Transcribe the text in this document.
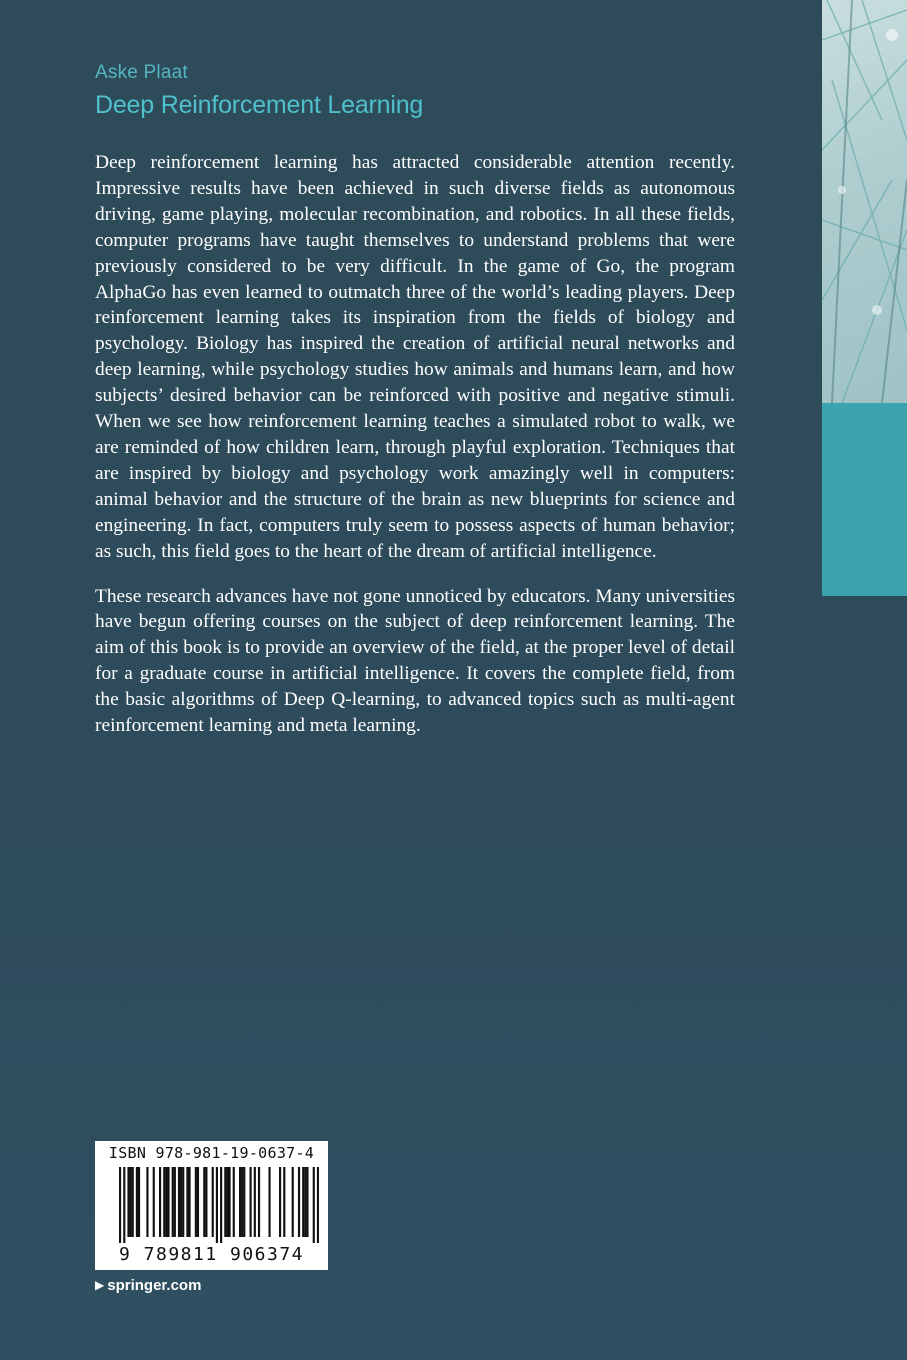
Aske Plaat
Deep Reinforcement Learning

Deep reinforcement learning has attracted considerable attention recently. Impressive results have been achieved in such diverse fields as autonomous driving, game playing, molecular recombination, and robotics. In all these fields, computer programs have taught themselves to understand problems that were previously considered to be very difficult. In the game of Go, the program AlphaGo has even learned to outmatch three of the world’s leading players. Deep reinforcement learning takes its inspiration from the fields of biology and psychology. Biology has inspired the creation of artificial neural networks and deep learning, while psychology studies how animals and humans learn, and how subjects’ desired behavior can be reinforced with positive and negative stimuli. When we see how reinforcement learning teaches a simulated robot to walk, we are reminded of how children learn, through playful exploration. Techniques that are inspired by biology and psychology work amazingly well in computers: animal behavior and the structure of the brain as new blueprints for science and engineering. In fact, computers truly seem to possess aspects of human behavior; as such, this field goes to the heart of the dream of artificial intelligence.

These research advances have not gone unnoticed by educators. Many universities have begun offering courses on the subject of deep reinforcement learning. The aim of this book is to provide an overview of the field, at the proper level of detail for a graduate course in artificial intelligence. It covers the complete field, from the basic algorithms of Deep Q-learning, to advanced topics such as multi-agent reinforcement learning and meta learning.

ISBN 978-981-19-0637-4
9 789811 906374
▶ springer.com
